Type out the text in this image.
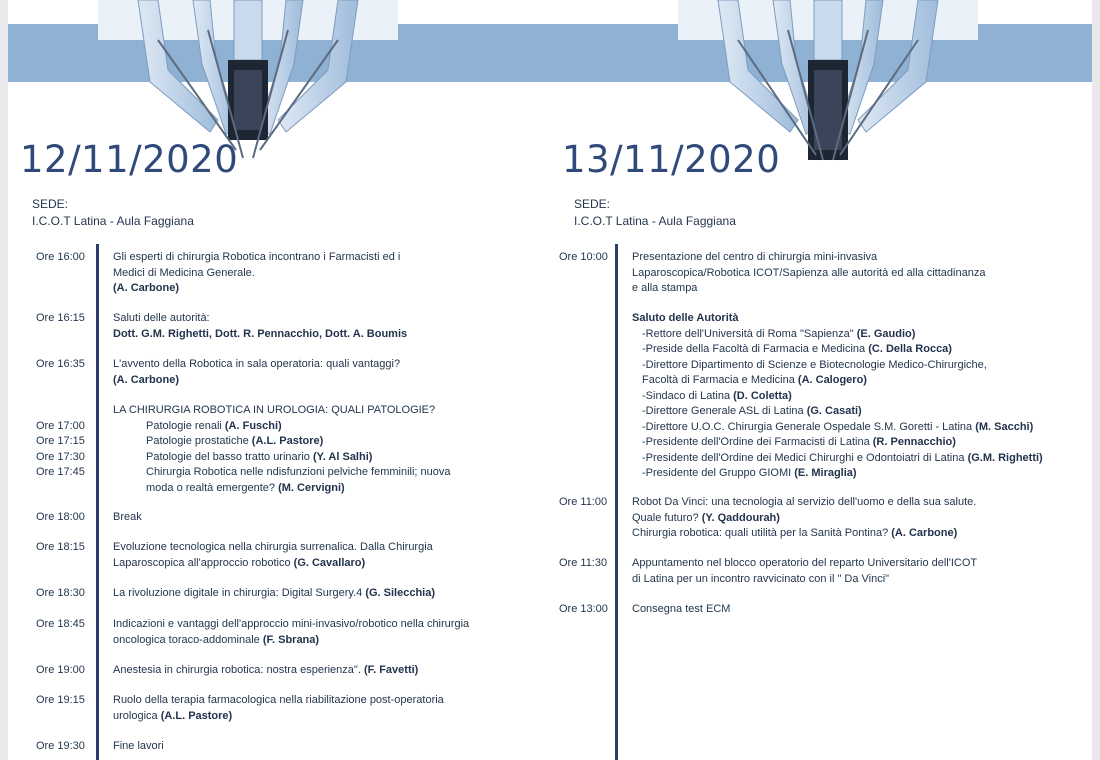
12/11/2020
SEDE:
I.C.O.T Latina - Aula Faggiana
Ore 16:00	Gli esperti di chirurgia Robotica incontrano i Farmacisti ed i
Medici di Medicina Generale.
(A. Carbone)
Ore 16:15	Saluti delle autorità:
Dott. G.M. Righetti, Dott. R. Pennacchio, Dott. A. Boumis
Ore 16:35	L'avvento della Robotica in sala operatoria: quali vantaggi?
(A. Carbone)
LA CHIRURGIA ROBOTICA IN UROLOGIA: QUALI PATOLOGIE?
Ore 17:00	Patologie renali (A. Fuschi)
Ore 17:15	Patologie prostatiche (A.L. Pastore)
Ore 17:30	Patologie del basso tratto urinario (Y. Al Salhi)
Ore 17:45	Chirurgia Robotica nelle ndisfunzioni pelviche femminili; nuova
moda o realtà emergente? (M. Cervigni)
Ore 18:00	Break
Ore 18:15	Evoluzione tecnologica nella chirurgia surrenalica. Dalla Chirurgia
Laparoscopica all'approccio robotico (G. Cavallaro)
Ore 18:30	La rivoluzione digitale in chirurgia: Digital Surgery.4 (G. Silecchia)
Ore 18:45	Indicazioni e vantaggi dell'approccio mini-invasivo/robotico nella chirurgia
oncologica toraco-addominale (F. Sbrana)
Ore 19:00	Anestesia in chirurgia robotica: nostra esperienza". (F. Favetti)
Ore 19:15	Ruolo della terapia farmacologica nella riabilitazione post-operatoria
urologica (A.L. Pastore)
Ore 19:30	Fine lavori
13/11/2020
SEDE:
I.C.O.T Latina - Aula Faggiana
Ore 10:00 Presentazione del centro di chirurgia mini-invasiva
Laparoscopica/Robotica ICOT/Sapienza alle autorità ed alla cittadinanza
e alla stampa
Saluto delle Autorità
-Rettore dell'Università di Roma "Sapienza" (E. Gaudio)
-Preside della Facoltà di Farmacia e Medicina (C. Della Rocca)
-Direttore Dipartimento di Scienze e Biotecnologie Medico-Chirurgiche,
Facoltà di Farmacia e Medicina (A. Calogero)
-Sindaco di Latina (D. Coletta)
-Direttore Generale ASL di Latina (G. Casati)
-Direttore U.O.C. Chirurgia Generale Ospedale S.M. Goretti - Latina (M. Sacchi)
-Presidente dell'Ordine dei Farmacisti di Latina (R. Pennacchio)
-Presidente dell'Ordine dei Medici Chirurghi e Odontoiatri di Latina (G.M. Righetti)
-Presidente del Gruppo GIOMI (E. Miraglia)
Ore 11:00 Robot Da Vinci: una tecnologia al servizio dell'uomo e della sua salute.
Quale futuro? (Y. Qaddourah)
Chirurgia robotica: quali utilità per la Sanità Pontina? (A. Carbone)
Ore 11:30 Appuntamento nel blocco operatorio del reparto Universitario dell'ICOT
di Latina per un incontro ravvicinato con il " Da Vinci"
Ore 13:00 Consegna test ECM
